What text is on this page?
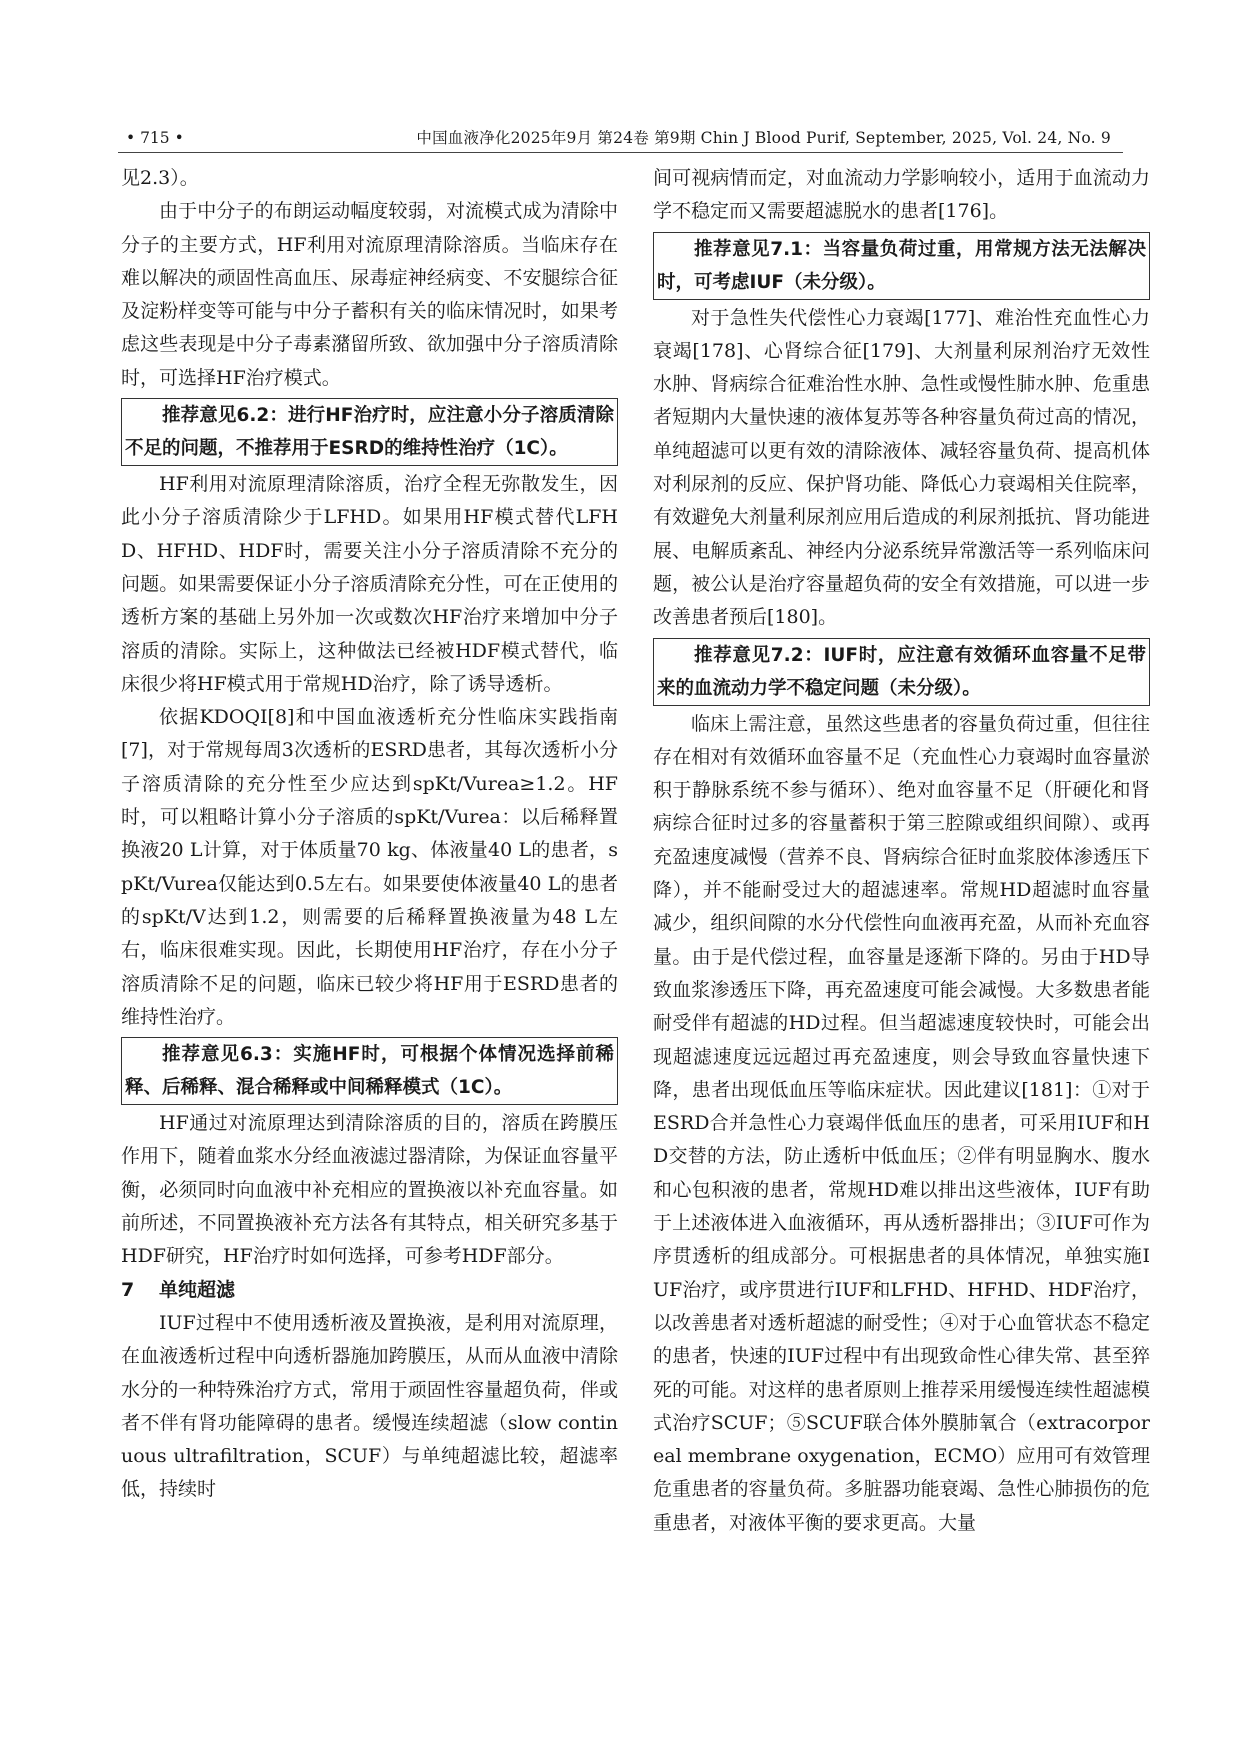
• 715 •	中国血液净化2025年9月 第24卷 第9期 Chin J Blood Purif, September, 2025, Vol. 24, No. 9

见2.3）。

由于中分子的布朗运动幅度较弱，对流模式成为清除中分子的主要方式，HF利用对流原理清除溶质。当临床存在难以解决的顽固性高血压、尿毒症神经病变、不安腿综合征及淀粉样变等可能与中分子蓄积有关的临床情况时，如果考虑这些表现是中分子毒素潴留所致、欲加强中分子溶质清除时，可选择HF治疗模式。

推荐意见6.2：进行HF治疗时，应注意小分子溶质清除不足的问题，不推荐用于ESRD的维持性治疗（1C）。

HF利用对流原理清除溶质，治疗全程无弥散发生，因此小分子溶质清除少于LFHD。如果用HF模式替代LFHD、HFHD、HDF时，需要关注小分子溶质清除不充分的问题。如果需要保证小分子溶质清除充分性，可在正使用的透析方案的基础上另外加一次或数次HF治疗来增加中分子溶质的清除。实际上，这种做法已经被HDF模式替代，临床很少将HF模式用于常规HD治疗，除了诱导透析。

依据KDOQI[8]和中国血液透析充分性临床实践指南[7]，对于常规每周3次透析的ESRD患者，其每次透析小分子溶质清除的充分性至少应达到spKt/Vurea≥1.2。HF时，可以粗略计算小分子溶质的spKt/Vurea：以后稀释置换液20 L计算，对于体质量70 kg、体液量40 L的患者，spKt/Vurea仅能达到0.5左右。如果要使体液量40 L的患者的spKt/V达到1.2，则需要的后稀释置换液量为48 L左右，临床很难实现。因此，长期使用HF治疗，存在小分子溶质清除不足的问题，临床已较少将HF用于ESRD患者的维持性治疗。

推荐意见6.3：实施HF时，可根据个体情况选择前稀释、后稀释、混合稀释或中间稀释模式（1C）。

HF通过对流原理达到清除溶质的目的，溶质在跨膜压作用下，随着血浆水分经血液滤过器清除，为保证血容量平衡，必须同时向血液中补充相应的置换液以补充血容量。如前所述，不同置换液补充方法各有其特点，相关研究多基于HDF研究，HF治疗时如何选择，可参考HDF部分。

7 单纯超滤

IUF过程中不使用透析液及置换液，是利用对流原理，在血液透析过程中向透析器施加跨膜压，从而从血液中清除水分的一种特殊治疗方式，常用于顽固性容量超负荷，伴或者不伴有肾功能障碍的患者。缓慢连续超滤（slow continuous ultrafiltration，SCUF）与单纯超滤比较，超滤率低，持续时

间可视病情而定，对血流动力学影响较小，适用于血流动力学不稳定而又需要超滤脱水的患者[176]。

推荐意见7.1：当容量负荷过重，用常规方法无法解决时，可考虑IUF（未分级）。

对于急性失代偿性心力衰竭[177]、难治性充血性心力衰竭[178]、心肾综合征[179]、大剂量利尿剂治疗无效性水肿、肾病综合征难治性水肿、急性或慢性肺水肿、危重患者短期内大量快速的液体复苏等各种容量负荷过高的情况，单纯超滤可以更有效的清除液体、减轻容量负荷、提高机体对利尿剂的反应、保护肾功能、降低心力衰竭相关住院率，有效避免大剂量利尿剂应用后造成的利尿剂抵抗、肾功能进展、电解质紊乱、神经内分泌系统异常激活等一系列临床问题，被公认是治疗容量超负荷的安全有效措施，可以进一步改善患者预后[180]。

推荐意见7.2：IUF时，应注意有效循环血容量不足带来的血流动力学不稳定问题（未分级）。

临床上需注意，虽然这些患者的容量负荷过重，但往往存在相对有效循环血容量不足（充血性心力衰竭时血容量淤积于静脉系统不参与循环）、绝对血容量不足（肝硬化和肾病综合征时过多的容量蓄积于第三腔隙或组织间隙）、或再充盈速度减慢（营养不良、肾病综合征时血浆胶体渗透压下降），并不能耐受过大的超滤速率。常规HD超滤时血容量减少，组织间隙的水分代偿性向血液再充盈，从而补充血容量。由于是代偿过程，血容量是逐渐下降的。另由于HD导致血浆渗透压下降，再充盈速度可能会减慢。大多数患者能耐受伴有超滤的HD过程。但当超滤速度较快时，可能会出现超滤速度远远超过再充盈速度，则会导致血容量快速下降，患者出现低血压等临床症状。因此建议[181]：①对于ESRD合并急性心力衰竭伴低血压的患者，可采用IUF和HD交替的方法，防止透析中低血压；②伴有明显胸水、腹水和心包积液的患者，常规HD难以排出这些液体，IUF有助于上述液体进入血液循环，再从透析器排出；③IUF可作为序贯透析的组成部分。可根据患者的具体情况，单独实施IUF治疗，或序贯进行IUF和LFHD、HFHD、HDF治疗，以改善患者对透析超滤的耐受性；④对于心血管状态不稳定的患者，快速的IUF过程中有出现致命性心律失常、甚至猝死的可能。对这样的患者原则上推荐采用缓慢连续性超滤模式治疗SCUF；⑤SCUF联合体外膜肺氧合（extracorporeal membrane oxygenation，ECMO）应用可有效管理危重患者的容量负荷。多脏器功能衰竭、急性心肺损伤的危重患者，对液体平衡的要求更高。大量
